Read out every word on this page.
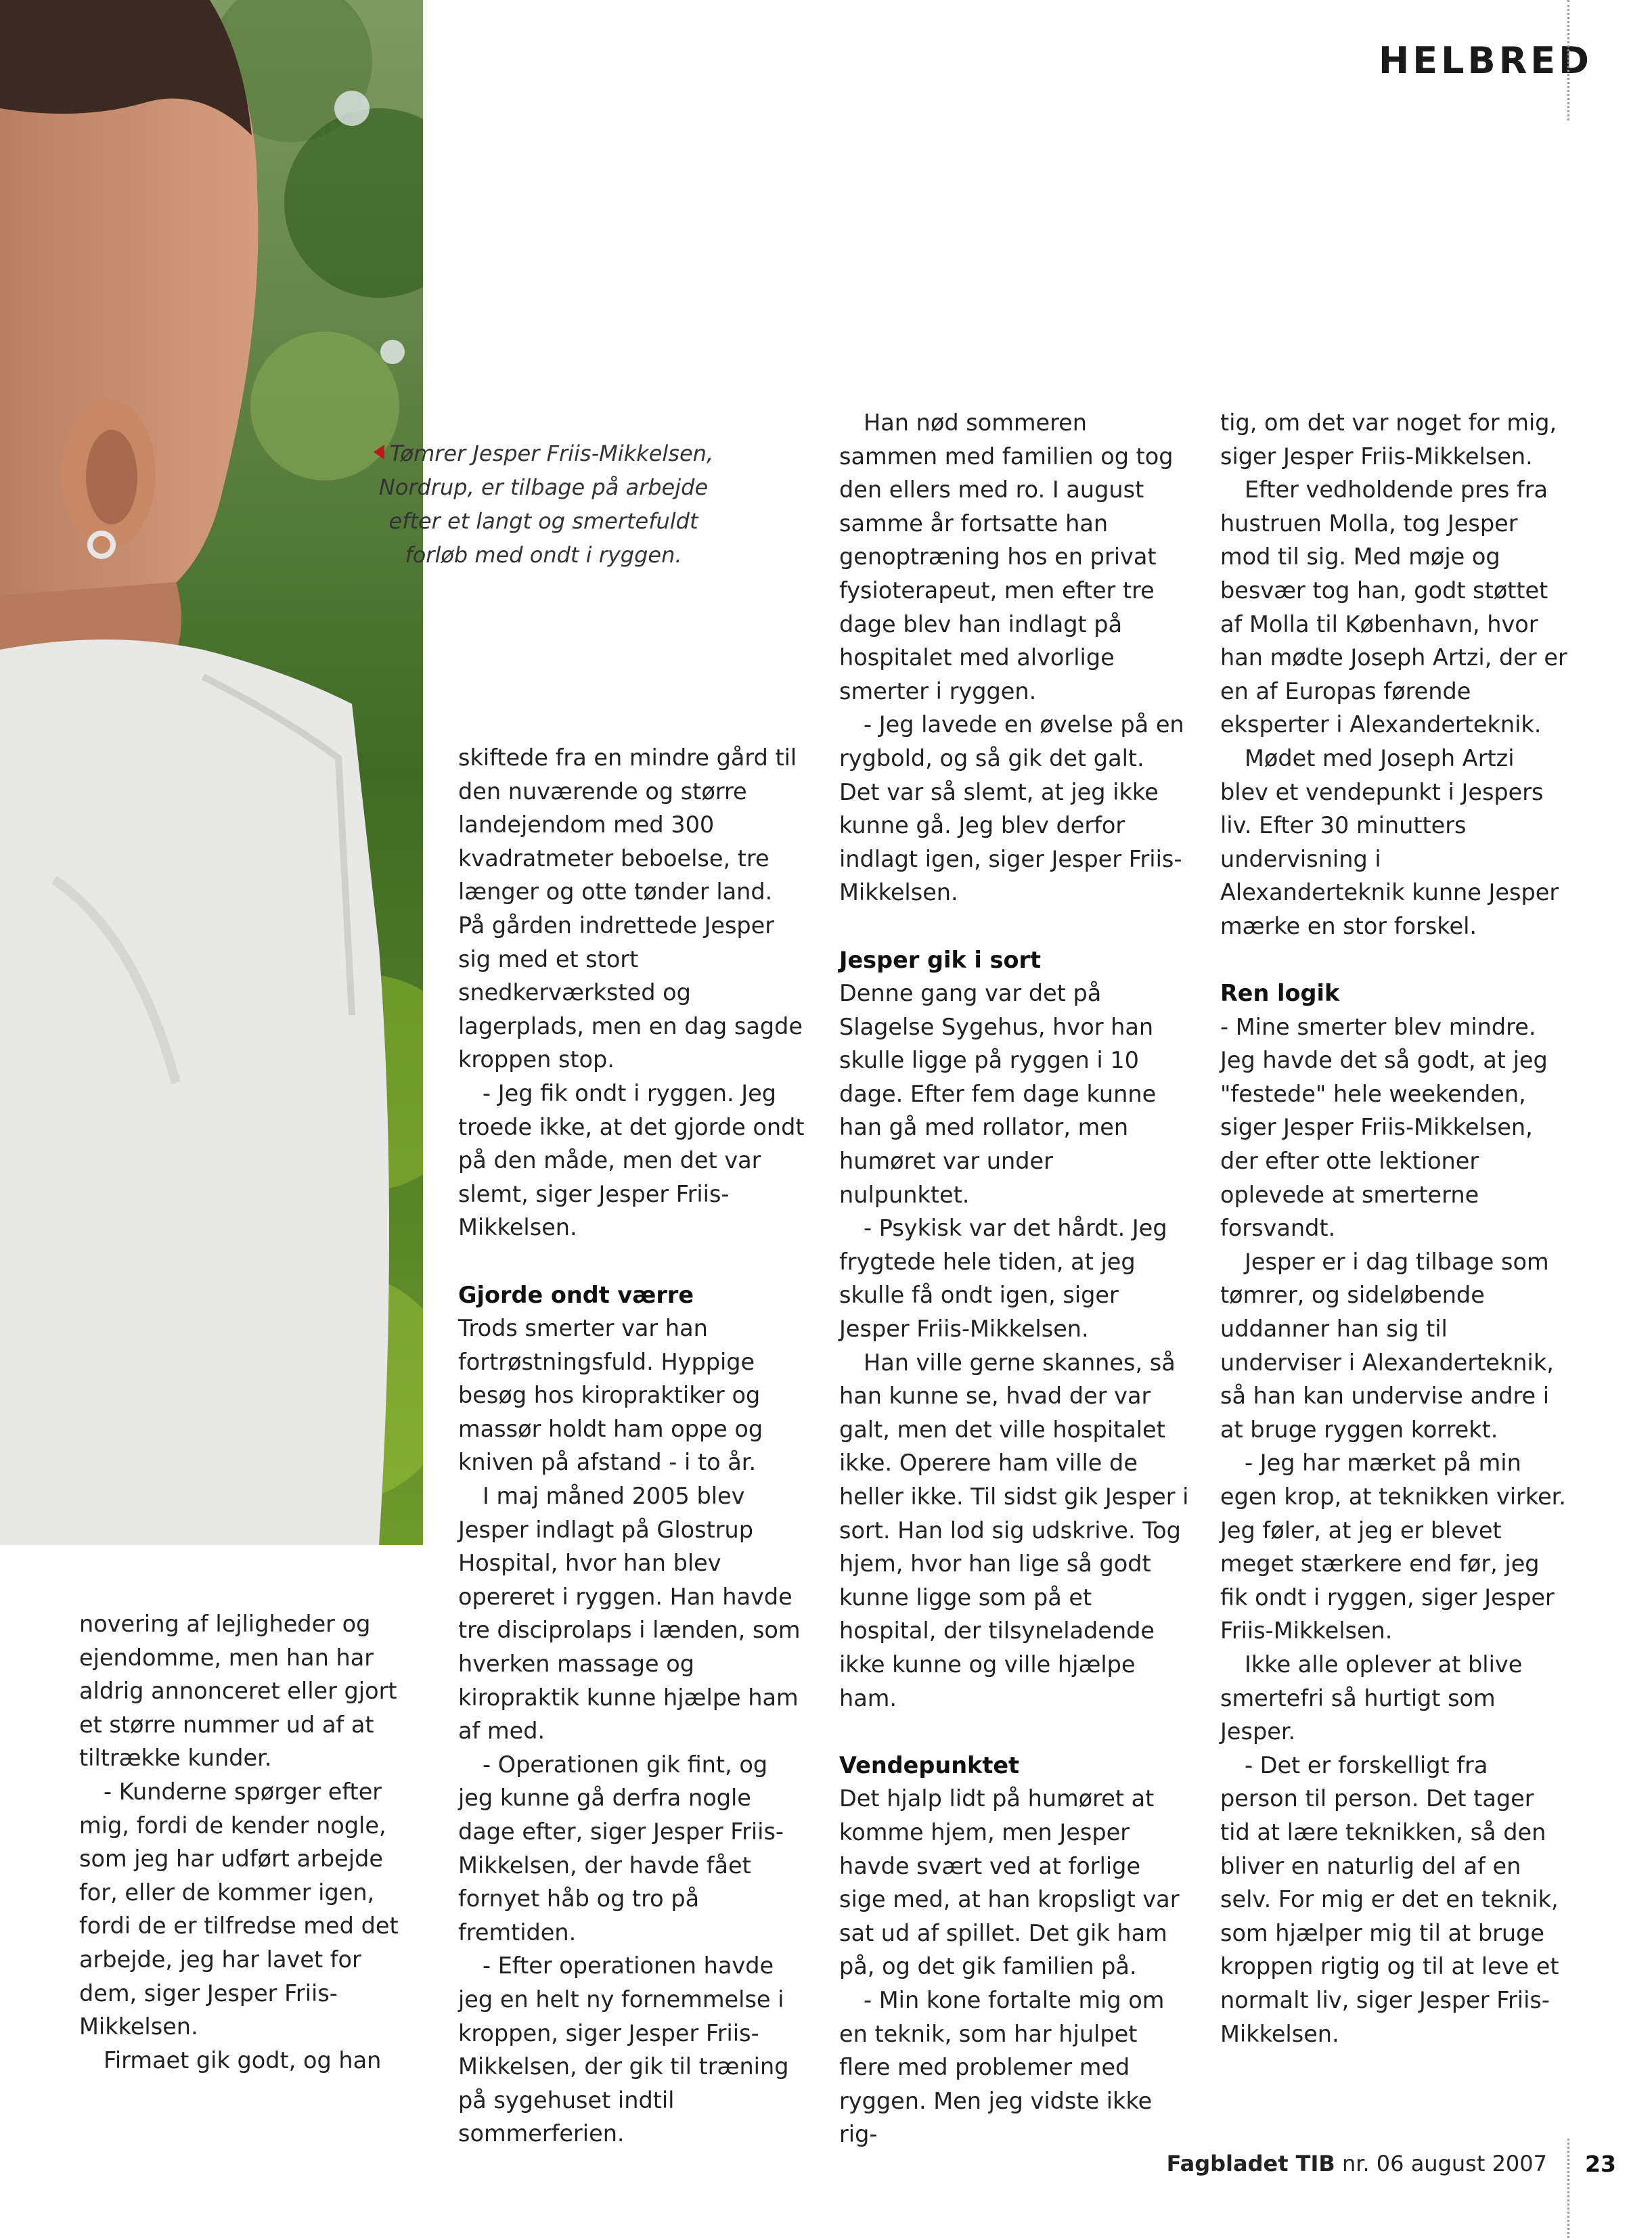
HELBRED
Tømrer Jesper Friis-Mikkelsen, Nordrup, er tilbage på arbejde efter et langt og smertefuldt forløb med ondt i ryggen.

novering af lejligheder og ejendomme, men han har aldrig annonceret eller gjort et større nummer ud af at tiltrække kunder.

- Kunderne spørger efter mig, fordi de kender nogle, som jeg har udført arbejde for, eller de kommer igen, fordi de er tilfredse med det arbejde, jeg har lavet for dem, siger Jesper Friis-Mikkelsen.

Firmaet gik godt, og han

skiftede fra en mindre gård til den nuværende og større landejendom med 300 kvadratmeter beboelse, tre længer og otte tønder land. På gården indrettede Jesper sig med et stort snedkerværksted og lagerplads, men en dag sagde kroppen stop.

- Jeg fik ondt i ryggen. Jeg troede ikke, at det gjorde ondt på den måde, men det var slemt, siger Jesper Friis-Mikkelsen.

Gjorde ondt værre

Trods smerter var han fortrøstningsfuld. Hyppige besøg hos kiropraktiker og massør holdt ham oppe og kniven på afstand - i to år.

I maj måned 2005 blev Jesper indlagt på Glostrup Hospital, hvor han blev opereret i ryggen. Han havde tre disciprolaps i lænden, som hverken massage og kiropraktik kunne hjælpe ham af med.

- Operationen gik fint, og jeg kunne gå derfra nogle dage efter, siger Jesper Friis-Mikkelsen, der havde fået fornyet håb og tro på fremtiden.

- Efter operationen havde jeg en helt ny fornemmelse i kroppen, siger Jesper Friis-Mikkelsen, der gik til træning på sygehuset indtil sommerferien.

Han nød sommeren sammen med familien og tog den ellers med ro. I august samme år fortsatte han genoptræning hos en privat fysioterapeut, men efter tre dage blev han indlagt på hospitalet med alvorlige smerter i ryggen.

- Jeg lavede en øvelse på en rygbold, og så gik det galt. Det var så slemt, at jeg ikke kunne gå. Jeg blev derfor indlagt igen, siger Jesper Friis-Mikkelsen.

Jesper gik i sort

Denne gang var det på Slagelse Sygehus, hvor han skulle ligge på ryggen i 10 dage. Efter fem dage kunne han gå med rollator, men humøret var under nulpunktet.

- Psykisk var det hårdt. Jeg frygtede hele tiden, at jeg skulle få ondt igen, siger Jesper Friis-Mikkelsen.

Han ville gerne skannes, så han kunne se, hvad der var galt, men det ville hospitalet ikke. Operere ham ville de heller ikke. Til sidst gik Jesper i sort. Han lod sig udskrive. Tog hjem, hvor han lige så godt kunne ligge som på et hospital, der tilsyneladende ikke kunne og ville hjælpe ham.

Vendepunktet

Det hjalp lidt på humøret at komme hjem, men Jesper havde svært ved at forlige sige med, at han kropsligt var sat ud af spillet. Det gik ham på, og det gik familien på.

- Min kone fortalte mig om en teknik, som har hjulpet flere med problemer med ryggen. Men jeg vidste ikke rig-

tig, om det var noget for mig, siger Jesper Friis-Mikkelsen.

Efter vedholdende pres fra hustruen Molla, tog Jesper mod til sig. Med møje og besvær tog han, godt støttet af Molla til København, hvor han mødte Joseph Artzi, der er en af Europas førende eksperter i Alexanderteknik.

Mødet med Joseph Artzi blev et vendepunkt i Jespers liv. Efter 30 minutters undervisning i Alexanderteknik kunne Jesper mærke en stor forskel.

Ren logik

- Mine smerter blev mindre. Jeg havde det så godt, at jeg "festede" hele weekenden, siger Jesper Friis-Mikkelsen, der efter otte lektioner oplevede at smerterne forsvandt.

Jesper er i dag tilbage som tømrer, og sideløbende uddanner han sig til underviser i Alexanderteknik, så han kan undervise andre i at bruge ryggen korrekt.

- Jeg har mærket på min egen krop, at teknikken virker. Jeg føler, at jeg er blevet meget stærkere end før, jeg fik ondt i ryggen, siger Jesper Friis-Mikkelsen.

Ikke alle oplever at blive smertefri så hurtigt som Jesper.

- Det er forskelligt fra person til person. Det tager tid at lære teknikken, så den bliver en naturlig del af en selv. For mig er det en teknik, som hjælper mig til at bruge kroppen rigtig og til at leve et normalt liv, siger Jesper Friis-Mikkelsen.

Fagbladet TIB nr. 06 august 2007 23
